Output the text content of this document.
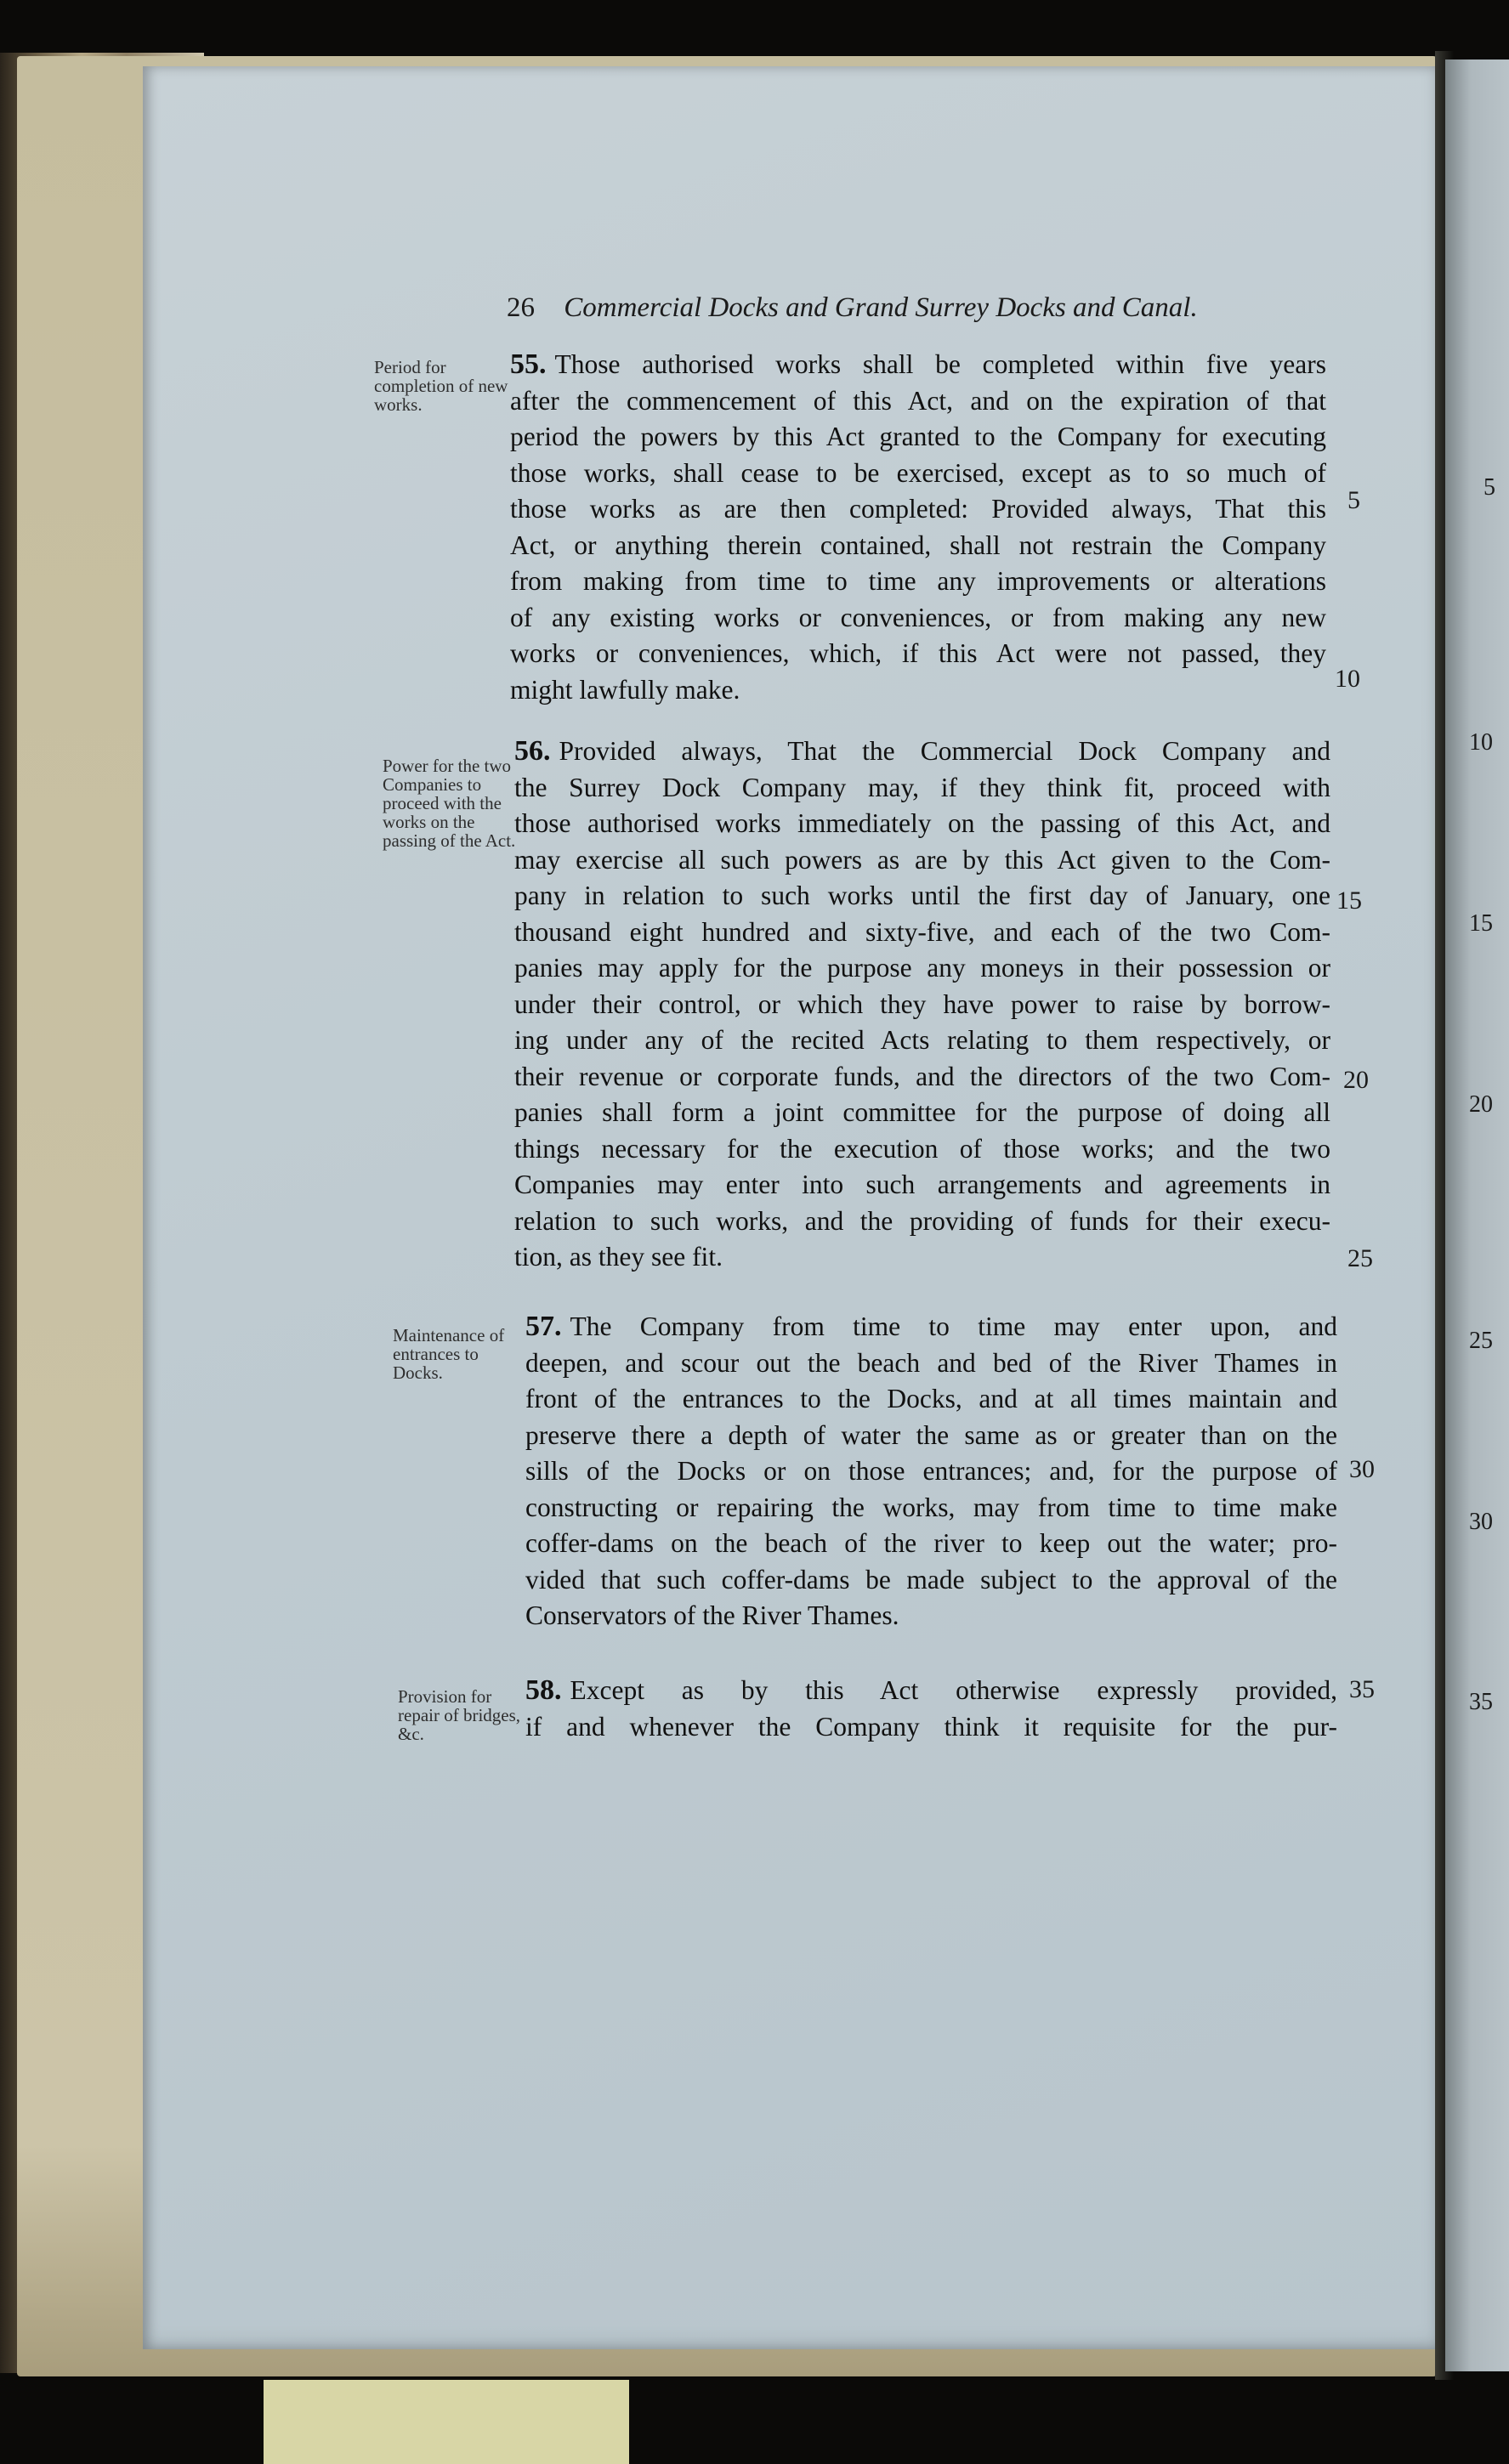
26 Commercial Docks and Grand Surrey Docks and Canal.
Period for completion of new works.
55. Those authorised works shall be completed within five years
after the commencement of this Act, and on the expiration of that
period the powers by this Act granted to the Company for executing
those works, shall cease to be exercised, except as to so much of
those works as are then completed: Provided always, That this
Act, or anything therein contained, shall not restrain the Company
from making from time to time any improvements or alterations
of any existing works or conveniences, or from making any new
works or conveniences, which, if this Act were not passed, they
might lawfully make.
Power for the two Companies to proceed with the works on the passing of the Act.
56. Provided always, That the Commercial Dock Company and
the Surrey Dock Company may, if they think fit, proceed with
those authorised works immediately on the passing of this Act, and
may exercise all such powers as are by this Act given to the Com-
pany in relation to such works until the first day of January, one
thousand eight hundred and sixty-five, and each of the two Com-
panies may apply for the purpose any moneys in their possession or
under their control, or which they have power to raise by borrow-
ing under any of the recited Acts relating to them respectively, or
their revenue or corporate funds, and the directors of the two Com-
panies shall form a joint committee for the purpose of doing all
things necessary for the execution of those works; and the two
Companies may enter into such arrangements and agreements in
relation to such works, and the providing of funds for their execu-
tion, as they see fit.
Maintenance of entrances to Docks.
57. The Company from time to time may enter upon, and
deepen, and scour out the beach and bed of the River Thames in
front of the entrances to the Docks, and at all times maintain and
preserve there a depth of water the same as or greater than on the
sills of the Docks or on those entrances; and, for the purpose of
constructing or repairing the works, may from time to time make
coffer-dams on the beach of the river to keep out the water; pro-
vided that such coffer-dams be made subject to the approval of the
Conservators of the River Thames.
Provision for repair of bridges, &c.
58. Except as by this Act otherwise expressly provided,
if and whenever the Company think it requisite for the pur-
5
10
15
20
25
30
35
5
10
15
20
25
30
35
